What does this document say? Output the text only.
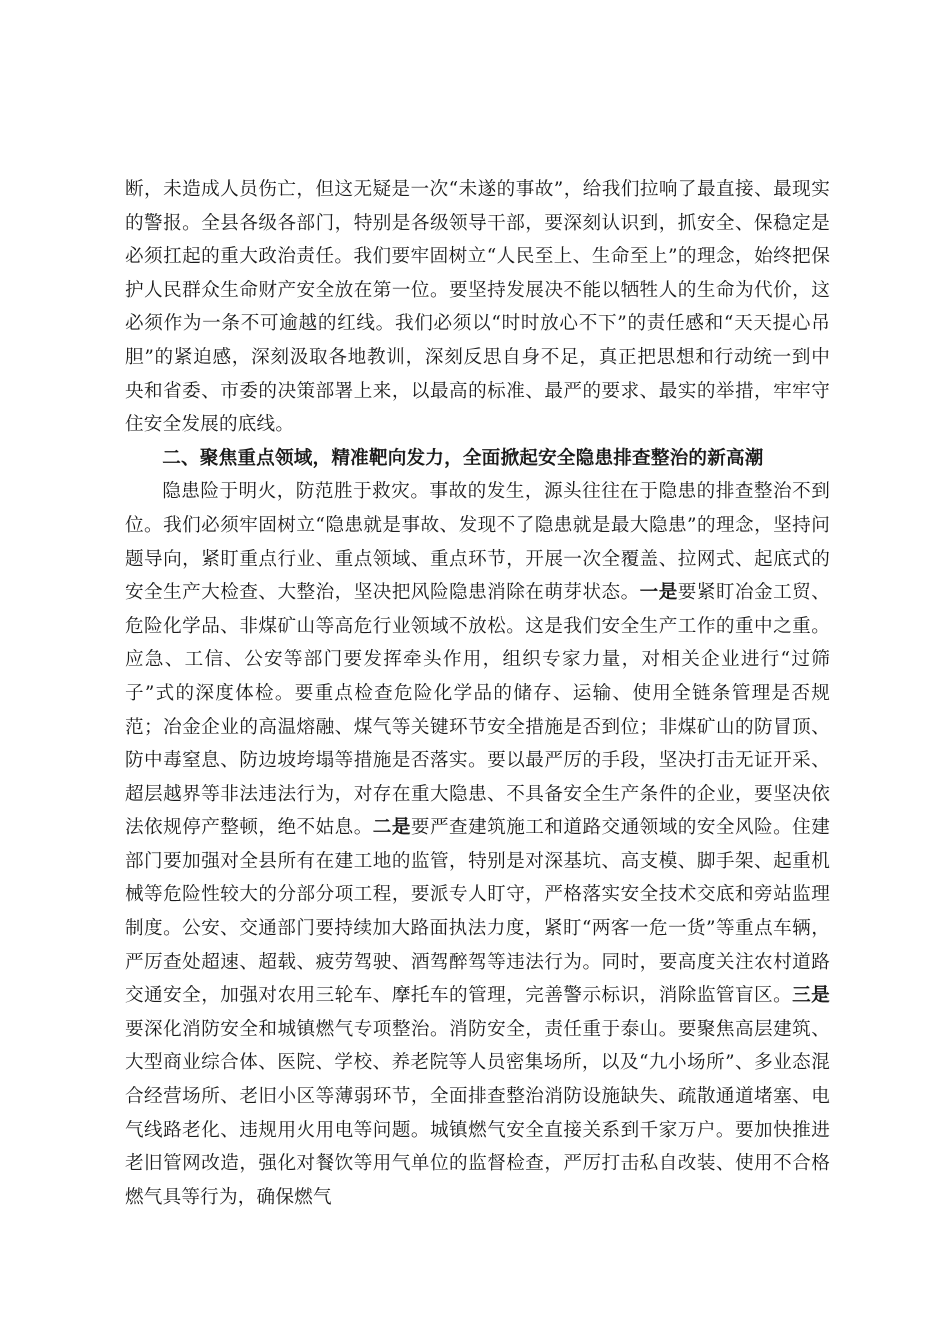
断，未造成人员伤亡，但这无疑是一次“未遂的事故”，给我们拉响了最直接、最现实的警报。全县各级各部门，特别是各级领导干部，要深刻认识到，抓安全、保稳定是必须扛起的重大政治责任。我们要牢固树立“人民至上、生命至上”的理念，始终把保护人民群众生命财产安全放在第一位。要坚持发展决不能以牺牲人的生命为代价，这必须作为一条不可逾越的红线。我们必须以“时时放心不下”的责任感和“天天提心吊胆”的紧迫感，深刻汲取各地教训，深刻反思自身不足，真正把思想和行动统一到中央和省委、市委的决策部署上来，以最高的标准、最严的要求、最实的举措，牢牢守住安全发展的底线。

二、聚焦重点领域，精准靶向发力，全面掀起安全隐患排查整治的新高潮

隐患险于明火，防范胜于救灾。事故的发生，源头往往在于隐患的排查整治不到位。我们必须牢固树立“隐患就是事故、发现不了隐患就是最大隐患”的理念，坚持问题导向，紧盯重点行业、重点领域、重点环节，开展一次全覆盖、拉网式、起底式的安全生产大检查、大整治，坚决把风险隐患消除在萌芽状态。一是要紧盯冶金工贸、危险化学品、非煤矿山等高危行业领域不放松。这是我们安全生产工作的重中之重。应急、工信、公安等部门要发挥牵头作用，组织专家力量，对相关企业进行“过筛子”式的深度体检。要重点检查危险化学品的储存、运输、使用全链条管理是否规范；冶金企业的高温熔融、煤气等关键环节安全措施是否到位；非煤矿山的防冒顶、防中毒窒息、防边坡垮塌等措施是否落实。要以最严厉的手段，坚决打击无证开采、超层越界等非法违法行为，对存在重大隐患、不具备安全生产条件的企业，要坚决依法依规停产整顿，绝不姑息。二是要严查建筑施工和道路交通领域的安全风险。住建部门要加强对全县所有在建工地的监管，特别是对深基坑、高支模、脚手架、起重机械等危险性较大的分部分项工程，要派专人盯守，严格落实安全技术交底和旁站监理制度。公安、交通部门要持续加大路面执法力度，紧盯“两客一危一货”等重点车辆，严厉查处超速、超载、疲劳驾驶、酒驾醉驾等违法行为。同时，要高度关注农村道路交通安全，加强对农用三轮车、摩托车的管理，完善警示标识，消除监管盲区。三是要深化消防安全和城镇燃气专项整治。消防安全，责任重于泰山。要聚焦高层建筑、大型商业综合体、医院、学校、养老院等人员密集场所，以及“九小场所”、多业态混合经营场所、老旧小区等薄弱环节，全面排查整治消防设施缺失、疏散通道堵塞、电气线路老化、违规用火用电等问题。城镇燃气安全直接关系到千家万户。要加快推进老旧管网改造，强化对餐饮等用气单位的监督检查，严厉打击私自改装、使用不合格燃气具等行为，确保燃气
